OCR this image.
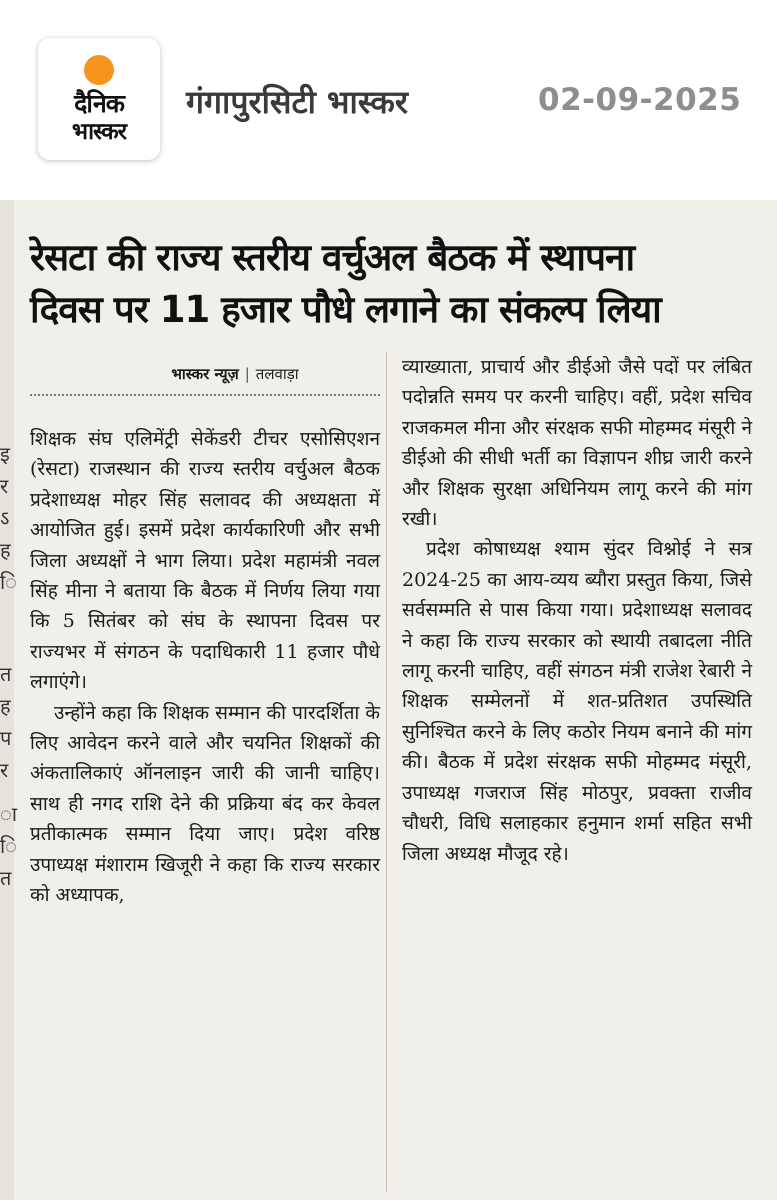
दैनिक
भास्कर
गंगापुरसिटी भास्कर	02-09-2025
इ
र
ऽ
ह
ि
त
ह
प
र
ा
ि
त
रेसटा की राज्य स्तरीय वर्चुअल बैठक में स्थापना
दिवस पर 11 हजार पौधे लगाने का संकल्प लिया
भास्कर न्यूज़ | तलवाड़ा

शिक्षक संघ एलिमेंट्री सेकेंडरी टीचर एसोसिएशन (रेसटा) राजस्थान की राज्य स्तरीय वर्चुअल बैठक प्रदेशाध्यक्ष मोहर सिंह सलावद की अध्यक्षता में आयोजित हुई। इसमें प्रदेश कार्यकारिणी और सभी जिला अध्यक्षों ने भाग लिया। प्रदेश महामंत्री नवल सिंह मीना ने बताया कि बैठक में निर्णय लिया गया कि 5 सितंबर को संघ के स्थापना दिवस पर राज्यभर में संगठन के पदाधिकारी 11 हजार पौधे लगाएंगे।

उन्होंने कहा कि शिक्षक सम्मान की पारदर्शिता के लिए आवेदन करने वाले और चयनित शिक्षकों की अंकतालिकाएं ऑनलाइन जारी की जानी चाहिए। साथ ही नगद राशि देने की प्रक्रिया बंद कर केवल प्रतीकात्मक सम्मान दिया जाए। प्रदेश वरिष्ठ उपाध्यक्ष मंशाराम खिजूरी ने कहा कि राज्य सरकार को अध्यापक,

व्याख्याता, प्राचार्य और डीईओ जैसे पदों पर लंबित पदोन्नति समय पर करनी चाहिए। वहीं, प्रदेश सचिव राजकमल मीना और संरक्षक सफी मोहम्मद मंसूरी ने डीईओ की सीधी भर्ती का विज्ञापन शीघ्र जारी करने और शिक्षक सुरक्षा अधिनियम लागू करने की मांग रखी।

प्रदेश कोषाध्यक्ष श्याम सुंदर विश्नोई ने सत्र 2024-25 का आय-व्यय ब्यौरा प्रस्तुत किया, जिसे सर्वसम्मति से पास किया गया। प्रदेशाध्यक्ष सलावद ने कहा कि राज्य सरकार को स्थायी तबादला नीति लागू करनी चाहिए, वहीं संगठन मंत्री राजेश रेबारी ने शिक्षक सम्मेलनों में शत-प्रतिशत उपस्थिति सुनिश्चित करने के लिए कठोर नियम बनाने की मांग की। बैठक में प्रदेश संरक्षक सफी मोहम्मद मंसूरी, उपाध्यक्ष गजराज सिंह मोठपुर, प्रवक्ता राजीव चौधरी, विधि सलाहकार हनुमान शर्मा सहित सभी जिला अध्यक्ष मौजूद रहे।
